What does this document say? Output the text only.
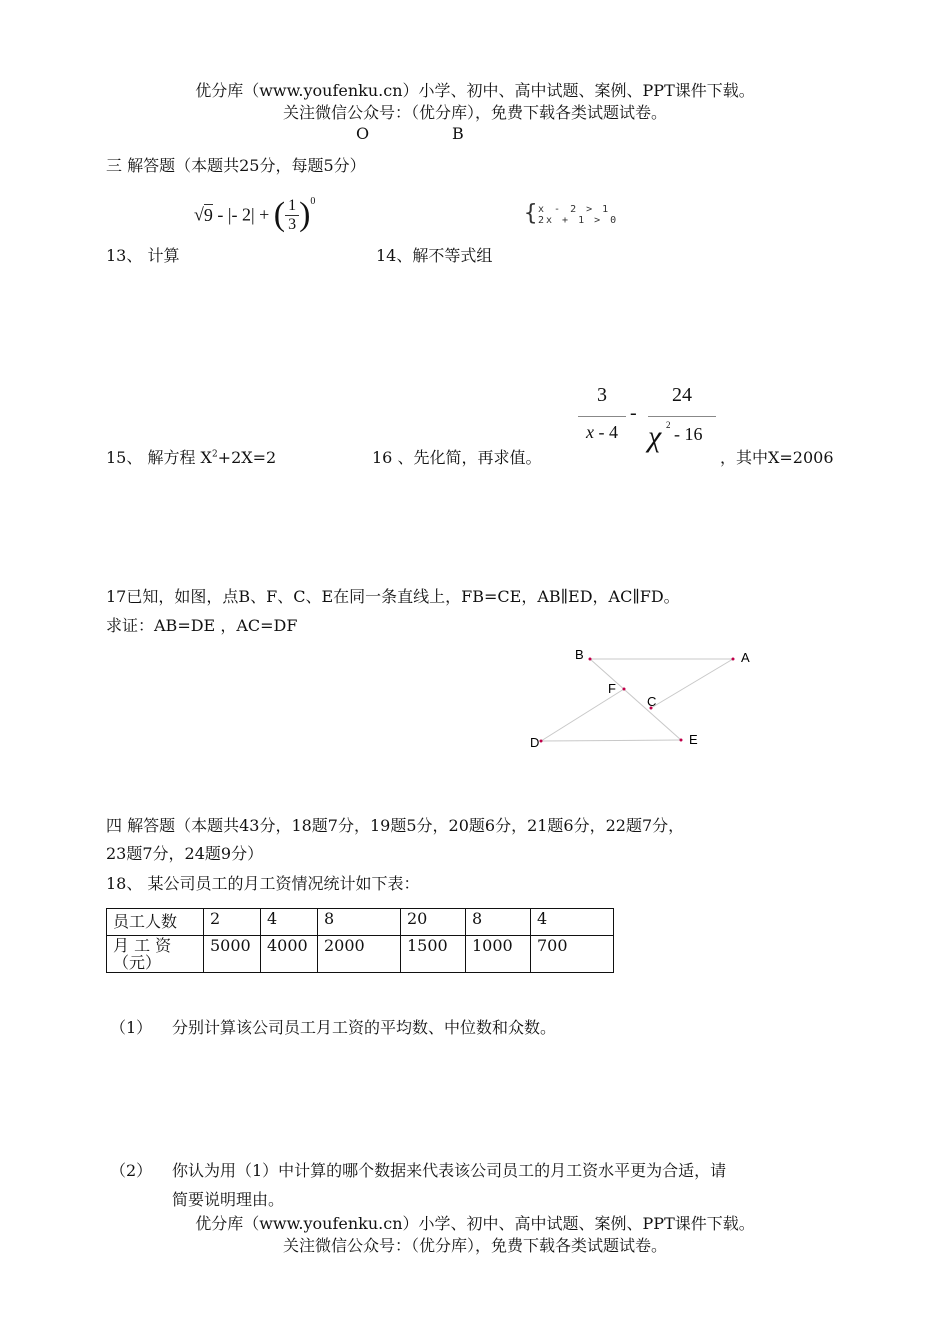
优分库（www.youfenku.cn）小学、初中、高中试题、案例、PPT课件下载。
关注微信公众号：（优分库），免费下载各类试题试卷。
O	B
三 解答题（本题共25分，每题5分）
√9 - |- 2| + ( $\frac{1}{3} )^0$	{ x - 2 > 1
2x + 1 > 0
13、 计算	14、解不等式组
15、 解方程 $X^2+2X=2$	16 、先化简，再求值。
3
x - 4
-
24
χ 2 - 16
，其中X=2006
17已知，如图，点B、F、C、E在同一条直线上，FB=CE，AB∥ED，AC∥FD。
求证：AB=DE ，AC=DF
B	A
F
C
D	E
四 解答题（本题共43分，18题7分，19题5分，20题6分，21题6分，22题7分，
23题7分，24题9分）
18、 某公司员工的月工资情况统计如下表：
员工人数	2	4	8	20	8	4

月 工 资
（元）	5000	4000	2000	1500	1000	700
（1） 分别计算该公司员工月工资的平均数、中位数和众数。
（2） 你认为用（1）中计算的哪个数据来代表该公司员工的月工资水平更为合适，请
简要说明理由。
优分库（www.youfenku.cn）小学、初中、高中试题、案例、PPT课件下载。
关注微信公众号：（优分库），免费下载各类试题试卷。
